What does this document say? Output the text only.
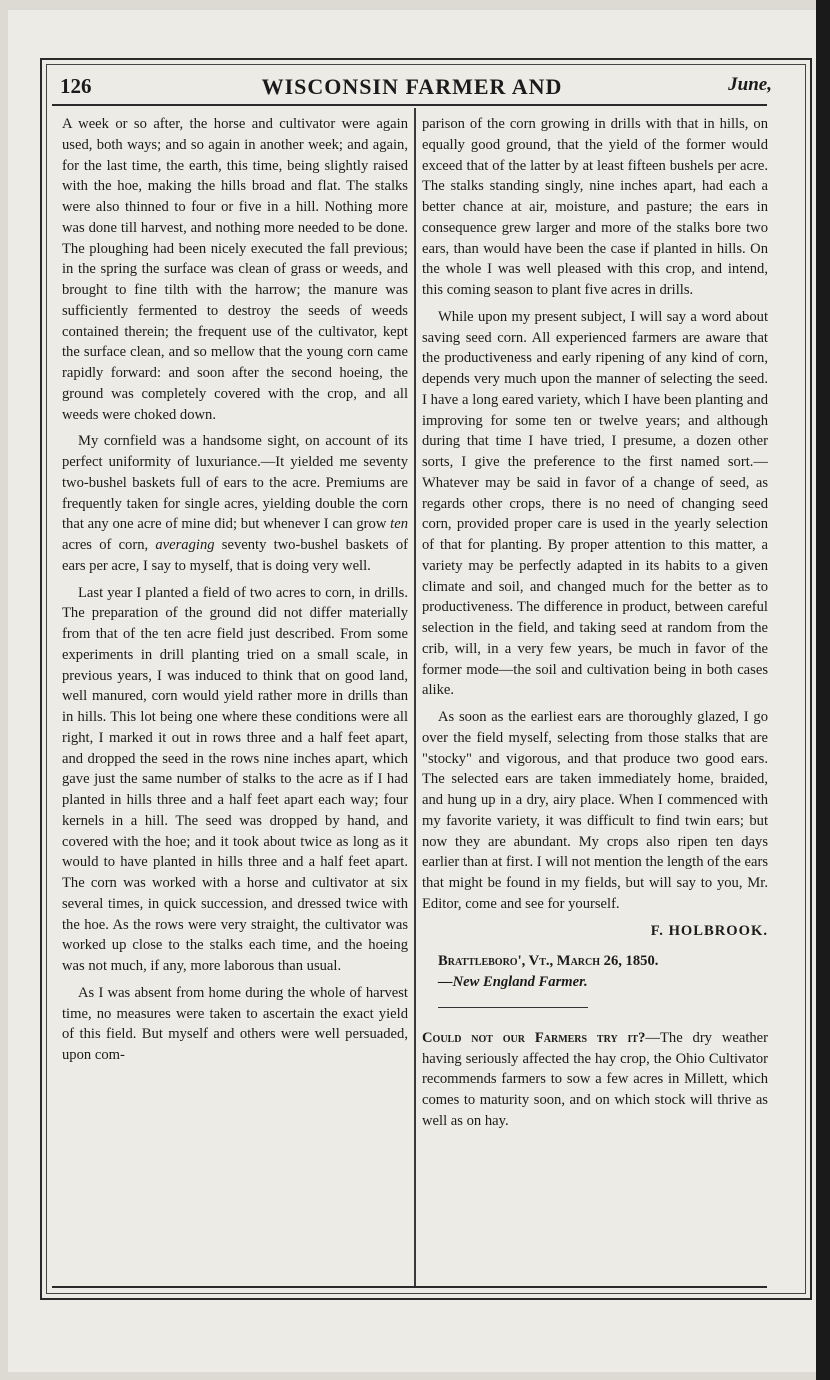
126	WISCONSIN FARMER AND	June,

A week or so after, the horse and cultivator were again used, both ways; and so again in another week; and again, for the last time, the earth, this time, being slightly raised with the hoe, making the hills broad and flat. The stalks were also thinned to four or five in a hill. Nothing more was done till harvest, and nothing more needed to be done. The ploughing had been nicely executed the fall previous; in the spring the surface was clean of grass or weeds, and brought to fine tilth with the harrow; the manure was sufficiently fermented to destroy the seeds of weeds contained therein; the frequent use of the cultivator, kept the surface clean, and so mellow that the young corn came rapidly forward: and soon after the second hoeing, the ground was completely covered with the crop, and all weeds were choked down.

My cornfield was a handsome sight, on account of its perfect uniformity of luxuriance.—It yielded me seventy two-bushel baskets full of ears to the acre. Premiums are frequently taken for single acres, yielding double the corn that any one acre of mine did; but whenever I can grow ten acres of corn, averaging seventy two-bushel baskets of ears per acre, I say to myself, that is doing very well.

Last year I planted a field of two acres to corn, in drills. The preparation of the ground did not differ materially from that of the ten acre field just described. From some experiments in drill planting tried on a small scale, in previous years, I was induced to think that on good land, well manured, corn would yield rather more in drills than in hills. This lot being one where these conditions were all right, I marked it out in rows three and a half feet apart, and dropped the seed in the rows nine inches apart, which gave just the same number of stalks to the acre as if I had planted in hills three and a half feet apart each way; four kernels in a hill. The seed was dropped by hand, and covered with the hoe; and it took about twice as long as it would to have planted in hills three and a half feet apart. The corn was worked with a horse and cultivator at six several times, in quick succession, and dressed twice with the hoe. As the rows were very straight, the cultivator was worked up close to the stalks each time, and the hoeing was not much, if any, more laborous than usual.

As I was absent from home during the whole of harvest time, no measures were taken to ascertain the exact yield of this field. But myself and others were well persuaded, upon com-

parison of the corn growing in drills with that in hills, on equally good ground, that the yield of the former would exceed that of the latter by at least fifteen bushels per acre. The stalks standing singly, nine inches apart, had each a better chance at air, moisture, and pasture; the ears in consequence grew larger and more of the stalks bore two ears, than would have been the case if planted in hills. On the whole I was well pleased with this crop, and intend, this coming season to plant five acres in drills.

While upon my present subject, I will say a word about saving seed corn. All experienced farmers are aware that the productiveness and early ripening of any kind of corn, depends very much upon the manner of selecting the seed. I have a long eared variety, which I have been planting and improving for some ten or twelve years; and although during that time I have tried, I presume, a dozen other sorts, I give the preference to the first named sort.—Whatever may be said in favor of a change of seed, as regards other crops, there is no need of changing seed corn, provided proper care is used in the yearly selection of that for planting. By proper attention to this matter, a variety may be perfectly adapted in its habits to a given climate and soil, and changed much for the better as to productiveness. The difference in product, between careful selection in the field, and taking seed at random from the crib, will, in a very few years, be much in favor of the former mode—the soil and cultivation being in both cases alike.

As soon as the earliest ears are thoroughly glazed, I go over the field myself, selecting from those stalks that are "stocky" and vigorous, and that produce two good ears. The selected ears are taken immediately home, braided, and hung up in a dry, airy place. When I commenced with my favorite variety, it was difficult to find twin ears; but now they are abundant. My crops also ripen ten days earlier than at first. I will not mention the length of the ears that might be found in my fields, but will say to you, Mr. Editor, come and see for yourself.

F. HOLBROOK.

Brattleboro', Vt., March 26, 1850.

—New England Farmer.

Could not our Farmers try it?—The dry weather having seriously affected the hay crop, the Ohio Cultivator recommends farmers to sow a few acres in Millett, which comes to maturity soon, and on which stock will thrive as well as on hay.
